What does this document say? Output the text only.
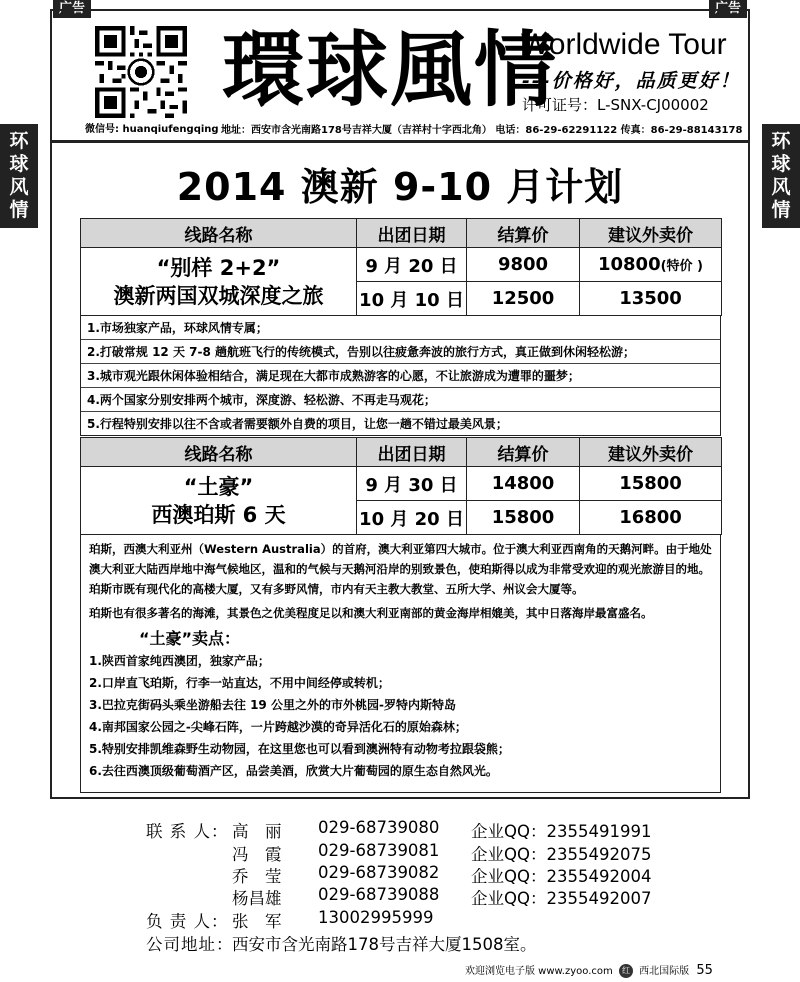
广告	广告
环
球
风
情
环
球
风
情
微信号: huanqiufengqing
環球風情
Worldwide Tour
---价格好，品质更好！
许可证号：L-SNX-CJ00002
地址：西安市含光南路178号吉祥大厦（吉祥村十字西北角） 电话：86-29-62291122 传真：86-29-88143178
2014 澳新 9-10 月计划
线路名称	出团日期	结算价	建议外卖价

“别样 2+2”
澳新两国双城深度之旅	9 月 20 日	9800	10800(特价 )
	10 月 10 日	12500	13500
1.市场独家产品，环球风情专属；
2.打破常规 12 天 7-8 趟航班飞行的传统模式，告别以往疲惫奔波的旅行方式，真正做到休闲轻松游；
3.城市观光跟休闲体验相结合，满足现在大都市成熟游客的心愿，不让旅游成为遭罪的噩梦；
4.两个国家分别安排两个城市，深度游、轻松游、不再走马观花；
5.行程特别安排以往不含或者需要额外自费的项目，让您一趟不错过最美风景；
线路名称	出团日期	结算价	建议外卖价

“土豪”
西澳珀斯 6 天	9 月 30 日	14800	15800
	10 月 20 日	15800	16800
珀斯，西澳大利亚州（Western Australia）的首府，澳大利亚第四大城市。位于澳大利亚西南角的天鹅河畔。由于地处澳大利亚大陆西岸地中海气候地区，温和的气候与天鹅河沿岸的别致景色，使珀斯得以成为非常受欢迎的观光旅游目的地。珀斯市既有现代化的高楼大厦，又有多野风情，市内有天主教大教堂、五所大学、州议会大厦等。
珀斯也有很多著名的海滩，其景色之优美程度足以和澳大利亚南部的黄金海岸相媲美，其中日落海岸最富盛名。
“土豪”卖点：
1.陕西首家纯西澳团，独家产品；
2.口岸直飞珀斯，行李一站直达，不用中间经停或转机；
3.巴拉克街码头乘坐游船去往 19 公里之外的市外桃园-罗特内斯特岛
4.南邦国家公园之-尖峰石阵，一片跨越沙漠的奇异活化石的原始森林；
5.特别安排凯维森野生动物园，在这里您也可以看到澳洲特有动物考拉跟袋熊；
6.去往西澳顶级葡萄酒产区，品尝美酒，欣赏大片葡萄园的原生态自然风光。
联 系 人： 高　丽 029-68739080 企业QQ：2355491991
冯　霞 029-68739081 企业QQ：2355492075
乔　莹 029-68739082 企业QQ：2355492004
杨昌雄 029-68739088 企业QQ：2355492007
负 责 人： 张　军 13002995999
公司地址：
西安市含光南路178号吉祥大厦1508室。
欢迎浏览电子版 www.zyoo.com 红 西北国际版 55
